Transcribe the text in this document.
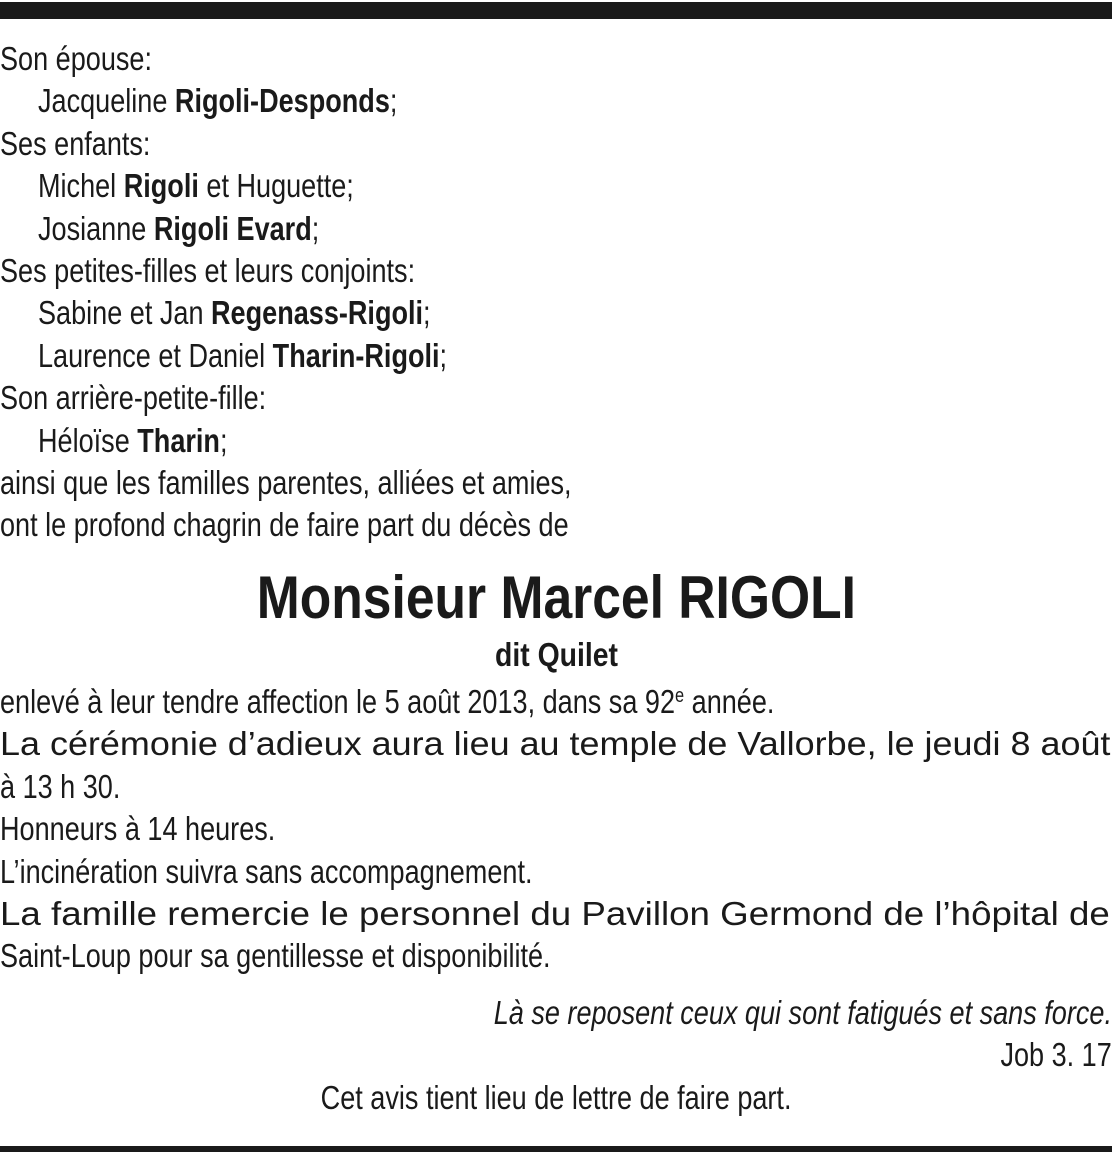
Son épouse:
Jacqueline Rigoli-Desponds;
Ses enfants:
Michel Rigoli et Huguette;
Josianne Rigoli Evard;
Ses petites-filles et leurs conjoints:
Sabine et Jan Regenass-Rigoli;
Laurence et Daniel Tharin-Rigoli;
Son arrière-petite-fille:
Héloïse Tharin;
ainsi que les familles parentes, alliées et amies,
ont le profond chagrin de faire part du décès de
Monsieur Marcel RIGOLI
dit Quilet
enlevé à leur tendre affection le 5 août 2013, dans sa 92e année.
La cérémonie d’adieux aura lieu au temple de Vallorbe, le jeudi 8 août
à 13 h 30.
Honneurs à 14 heures.
L’incinération suivra sans accompagnement.
La famille remercie le personnel du Pavillon Germond de l’hôpital de
Saint-Loup pour sa gentillesse et disponibilité.
Là se reposent ceux qui sont fatigués et sans force.
Job 3. 17
Cet avis tient lieu de lettre de faire part.
